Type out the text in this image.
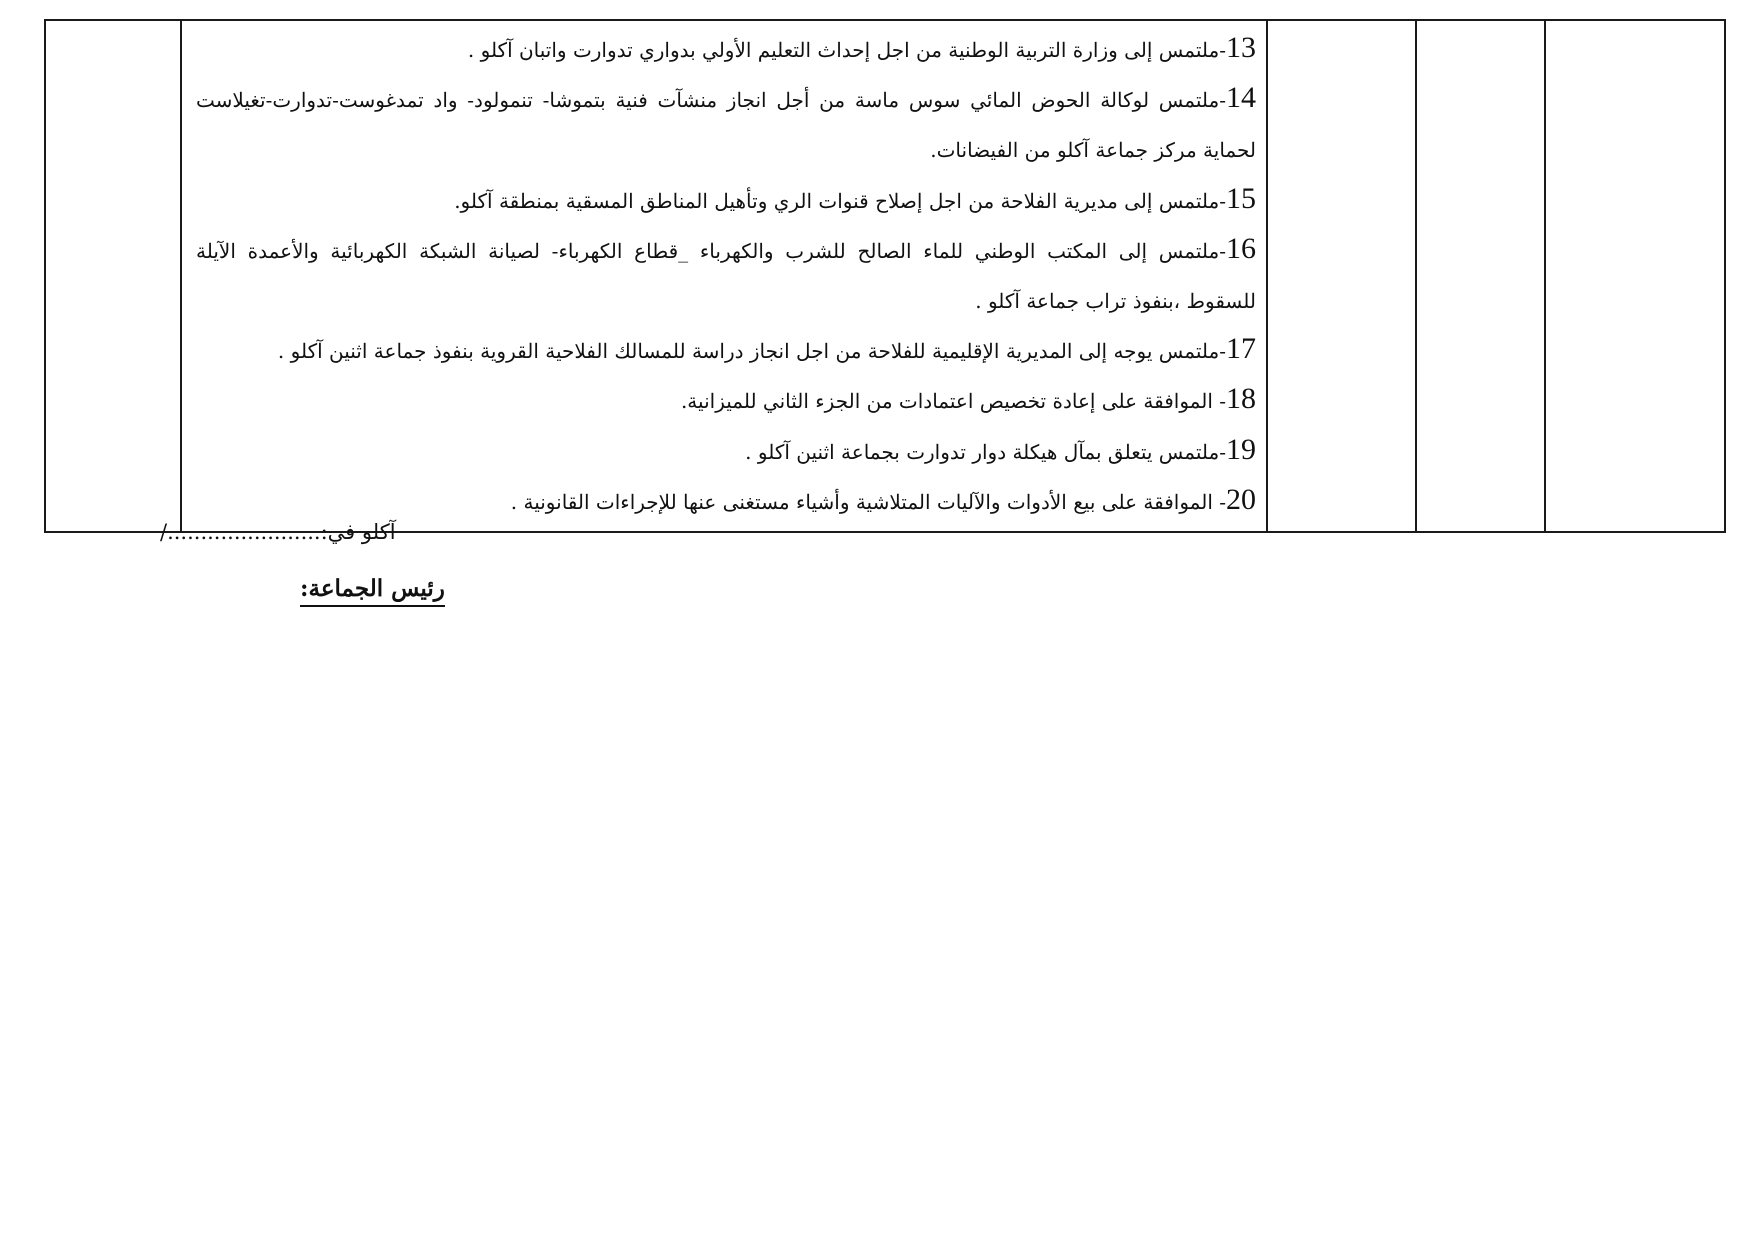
13-ملتمس إلى وزارة التربية الوطنية من اجل إحداث التعليم الأولي بدواري تدوارت واتبان آكلو .
14-ملتمس لوكالة الحوض المائي سوس ماسة من أجل انجاز منشآت فنية بتموشا- تنمولود- واد تمدغوست-تدوارت-تغيلاست لحماية مركز جماعة آكلو من الفيضانات.
15-ملتمس إلى مديرية الفلاحة من اجل إصلاح قنوات الري وتأهيل المناطق المسقية بمنطقة آكلو.
16-ملتمس إلى المكتب الوطني للماء الصالح للشرب والكهرباء _قطاع الكهرباء- لصيانة الشبكة الكهربائية والأعمدة الآيلة للسقوط ،بنفوذ تراب جماعة آكلو .
17-ملتمس يوجه إلى المديرية الإقليمية للفلاحة من اجل انجاز دراسة للمسالك الفلاحية القروية بنفوذ جماعة اثنين آكلو .
18- الموافقة على إعادة تخصيص اعتمادات من الجزء الثاني للميزانية.
19-ملتمس يتعلق بمآل هيكلة دوار تدوارت بجماعة اثنين آكلو .
20- الموافقة على بيع الأدوات والآليات المتلاشية وأشياء مستغنى عنها للإجراءات القانونية .

آكلو في:......................./
رئيس الجماعة:
